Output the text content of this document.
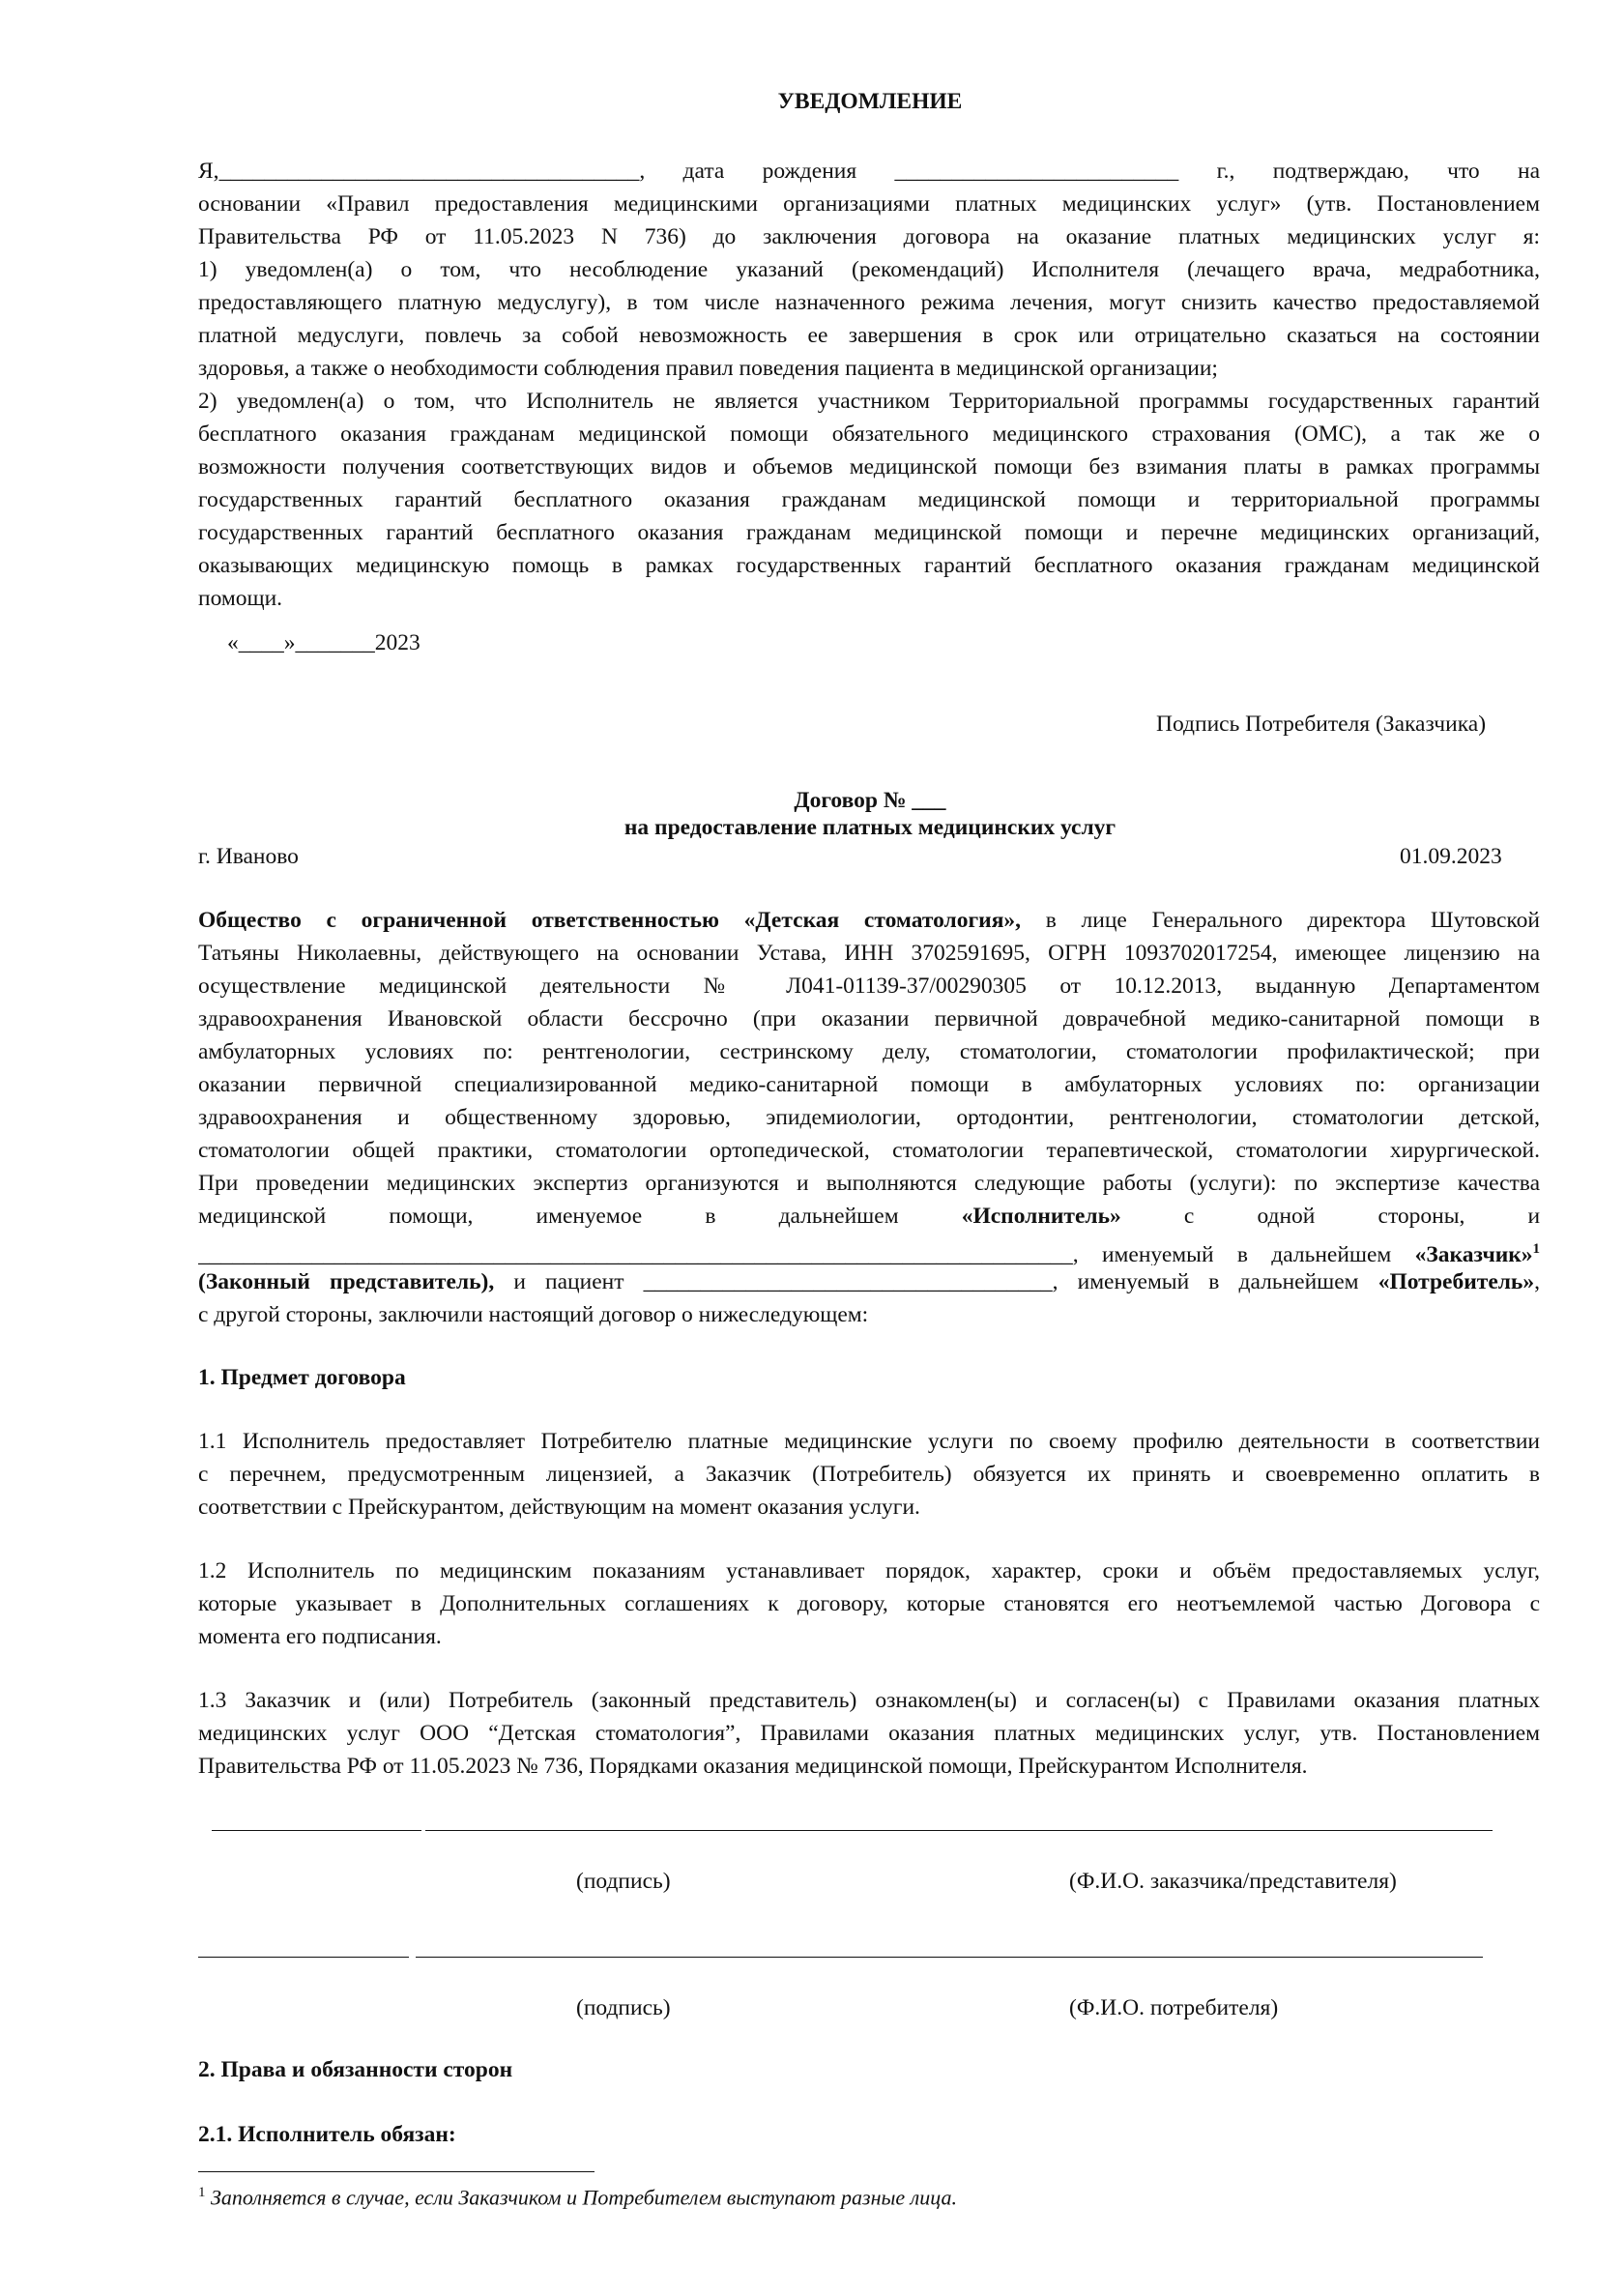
УВЕДОМЛЕНИЕ
Я,_____________________________________, дата рождения _________________________ г., подтверждаю, что на
основании «Правил предоставления медицинскими организациями платных медицинских услуг» (утв. Постановлением
Правительства РФ от 11.05.2023 N 736) до заключения договора на оказание платных медицинских услуг я:
1) уведомлен(а) о том, что несоблюдение указаний (рекомендаций) Исполнителя (лечащего врача, медработника,
предоставляющего платную медуслугу), в том числе назначенного режима лечения, могут снизить качество предоставляемой
платной медуслуги, повлечь за собой невозможность ее завершения в срок или отрицательно сказаться на состоянии
здоровья, а также о необходимости соблюдения правил поведения пациента в медицинской организации;
2) уведомлен(а) о том, что Исполнитель не является участником Территориальной программы государственных гарантий
бесплатного оказания гражданам медицинской помощи обязательного медицинского страхования (ОМС), а так же о
возможности получения соответствующих видов и объемов медицинской помощи без взимания платы в рамках программы
государственных гарантий бесплатного оказания гражданам медицинской помощи и территориальной программы
государственных гарантий бесплатного оказания гражданам медицинской помощи и перечне медицинских организаций,
оказывающих медицинскую помощь в рамках государственных гарантий бесплатного оказания гражданам медицинской
помощи.
«____»_______2023
Подпись Потребителя (Заказчика)
Договор № ___
на предоставление платных медицинских услуг
г. Иваново	01.09.2023
Общество с ограниченной ответственностью «Детская стоматология», в лице Генерального директора Шутовской
Татьяны Николаевны, действующего на основании Устава, ИНН 3702591695, ОГРН 1093702017254, имеющее лицензию на
осуществление медицинской деятельности № Л041-01139-37/00290305 от 10.12.2013, выданную Департаментом
здравоохранения Ивановской области бессрочно (при оказании первичной доврачебной медико-санитарной помощи в
амбулаторных условиях по: рентгенологии, сестринскому делу, стоматологии, стоматологии профилактической; при
оказании первичной специализированной медико-санитарной помощи в амбулаторных условиях по: организации
здравоохранения и общественному здоровью, эпидемиологии, ортодонтии, рентгенологии, стоматологии детской,
стоматологии общей практики, стоматологии ортопедической, стоматологии терапевтической, стоматологии хирургической.
При проведении медицинских экспертиз организуются и выполняются следующие работы (услуги): по экспертизе качества
медицинской	помощи,	именуемое	в	дальнейшем	«Исполнитель»	с	одной	стороны,	и
_____________________________________________________________________________, именуемый в дальнейшем «Заказчик»$^1$
(Законный представитель), и пациент ____________________________________, именуемый в дальнейшем «Потребитель»,
с другой стороны, заключили настоящий договор о нижеследующем:
1. Предмет договора
1.1 Исполнитель предоставляет Потребителю платные медицинские услуги по своему профилю деятельности в соответствии
с перечнем, предусмотренным лицензией, а Заказчик (Потребитель) обязуется их принять и своевременно оплатить в
соответствии с Прейскурантом, действующим на момент оказания услуги.
1.2 Исполнитель по медицинским показаниям устанавливает порядок, характер, сроки и объём предоставляемых услуг,
которые указывает в Дополнительных соглашениях к договору, которые становятся его неотъемлемой частью Договора с
момента его подписания.
1.3 Заказчик и (или) Потребитель (законный представитель) ознакомлен(ы) и согласен(ы) с Правилами оказания платных
медицинских услуг ООО “Детская стоматология”, Правилами оказания платных медицинских услуг, утв. Постановлением
Правительства РФ от 11.05.2023 № 736, Порядками оказания медицинской помощи, Прейскурантом Исполнителя.
(подпись)	(Ф.И.О. заказчика/представителя)
(подпись)	(Ф.И.О. потребителя)
2. Права и обязанности сторон
2.1. Исполнитель обязан:
$^1$ Заполняется в случае, если Заказчиком и Потребителем выступают разные лица.
